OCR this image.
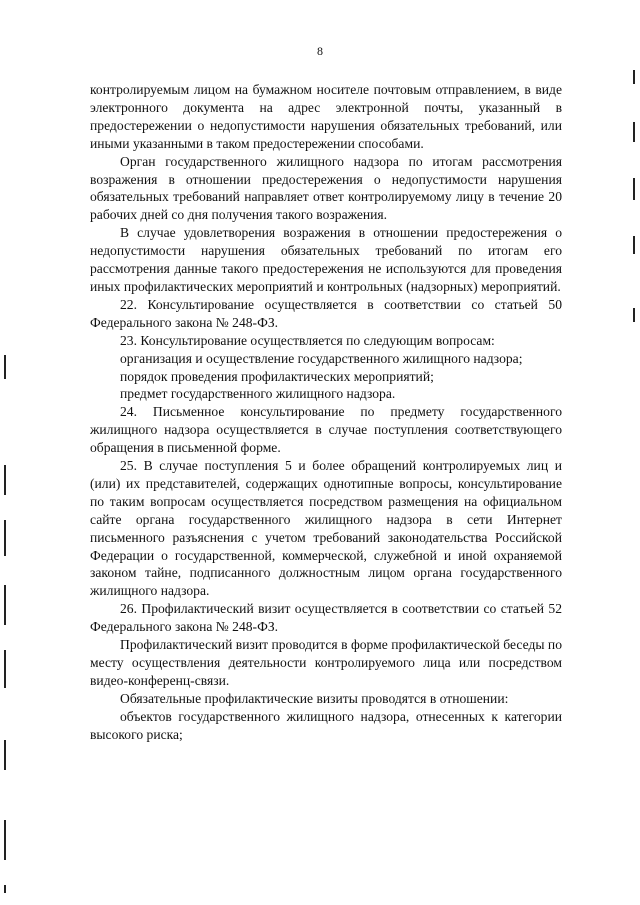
8

контролируемым лицом на бумажном носителе почтовым отправлением, в виде электронного документа на адрес электронной почты, указанный в предостережении о недопустимости нарушения обязательных требований, или иными указанными в таком предостережении способами.

Орган государственного жилищного надзора по итогам рассмотрения возражения в отношении предостережения о недопустимости нарушения обязательных требований направляет ответ контролируемому лицу в течение 20 рабочих дней со дня получения такого возражения.

В случае удовлетворения возражения в отношении предостережения о недопустимости нарушения обязательных требований по итогам его рассмотрения данные такого предостережения не используются для проведения иных профилактических мероприятий и контрольных (надзорных) мероприятий.

22. Консультирование осуществляется в соответствии со статьей 50 Федерального закона № 248-ФЗ.

23. Консультирование осуществляется по следующим вопросам:

организация и осуществление государственного жилищного надзора;

порядок проведения профилактических мероприятий;

предмет государственного жилищного надзора.

24. Письменное консультирование по предмету государственного жилищного надзора осуществляется в случае поступления соответствующего обращения в письменной форме.

25. В случае поступления 5 и более обращений контролируемых лиц и (или) их представителей, содержащих однотипные вопросы, консультирование по таким вопросам осуществляется посредством размещения на официальном сайте органа государственного жилищного надзора в сети Интернет письменного разъяснения с учетом требований законодательства Российской Федерации о государственной, коммерческой, служебной и иной охраняемой законом тайне, подписанного должностным лицом органа государственного жилищного надзора.

26. Профилактический визит осуществляется в соответствии со статьей 52 Федерального закона № 248-ФЗ.

Профилактический визит проводится в форме профилактической беседы по месту осуществления деятельности контролируемого лица или посредством видео-конференц-связи.

Обязательные профилактические визиты проводятся в отношении:

объектов государственного жилищного надзора, отнесенных к категории высокого риска;
